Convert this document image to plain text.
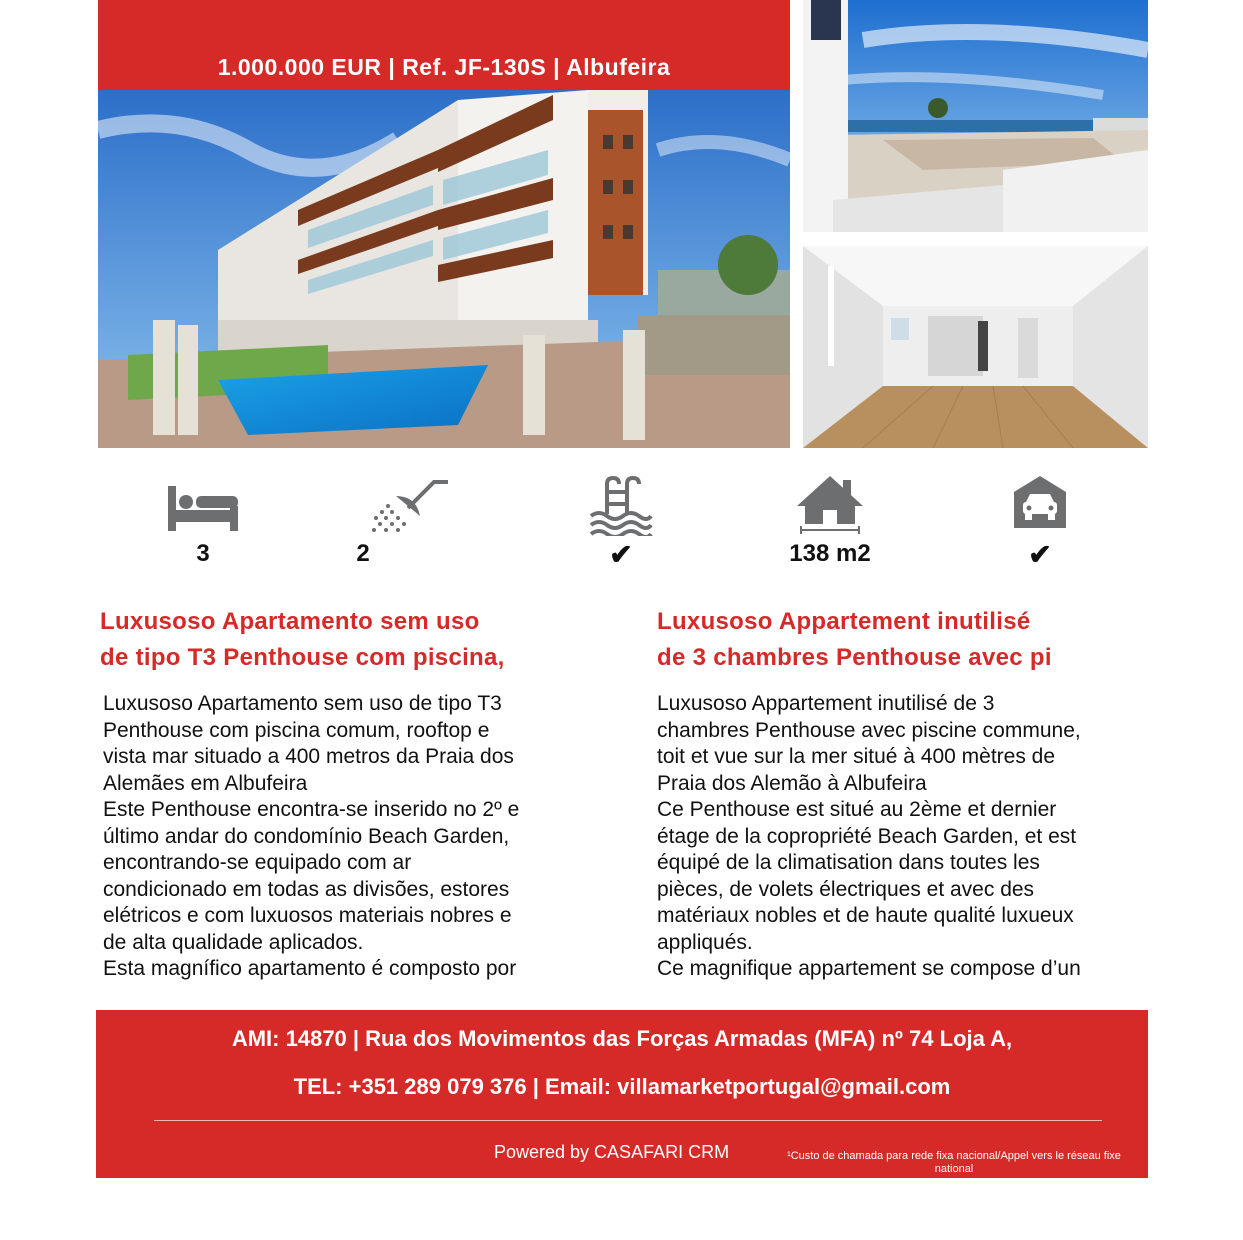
1.000.000 EUR | Ref. JF-130S | Albufeira
3	2	✔	138 m2	✔
Luxusoso Apartamento sem uso
de tipo T3 Penthouse com piscina,
Luxusoso Apartamento sem uso de tipo T3
Penthouse com piscina comum, rooftop e
vista mar situado a 400 metros da Praia dos
Alemães em Albufeira
Este Penthouse encontra-se inserido no 2º e
último andar do condomínio Beach Garden,
encontrando-se equipado com ar
condicionado em todas as divisões, estores
elétricos e com luxuosos materiais nobres e
de alta qualidade aplicados.
Esta magnífico apartamento é composto por
Luxusoso Appartement inutilisé
de 3 chambres Penthouse avec pi
Luxusoso Appartement inutilisé de 3
chambres Penthouse avec piscine commune,
toit et vue sur la mer situé à 400 mètres de
Praia dos Alemão à Albufeira
Ce Penthouse est situé au 2ème et dernier
étage de la copropriété Beach Garden, et est
équipé de la climatisation dans toutes les
pièces, de volets électriques et avec des
matériaux nobles et de haute qualité luxueux
appliqués.
Ce magnifique appartement se compose d’un
AMI: 14870 | Rua dos Movimentos das Forças Armadas (MFA) nº 74 Loja A,
TEL: +351 289 079 376 | Email: villamarketportugal@gmail.com
Powered by CASAFARI CRM	¹Custo de chamada para rede fixa nacional/Appel vers le réseau fixe national
